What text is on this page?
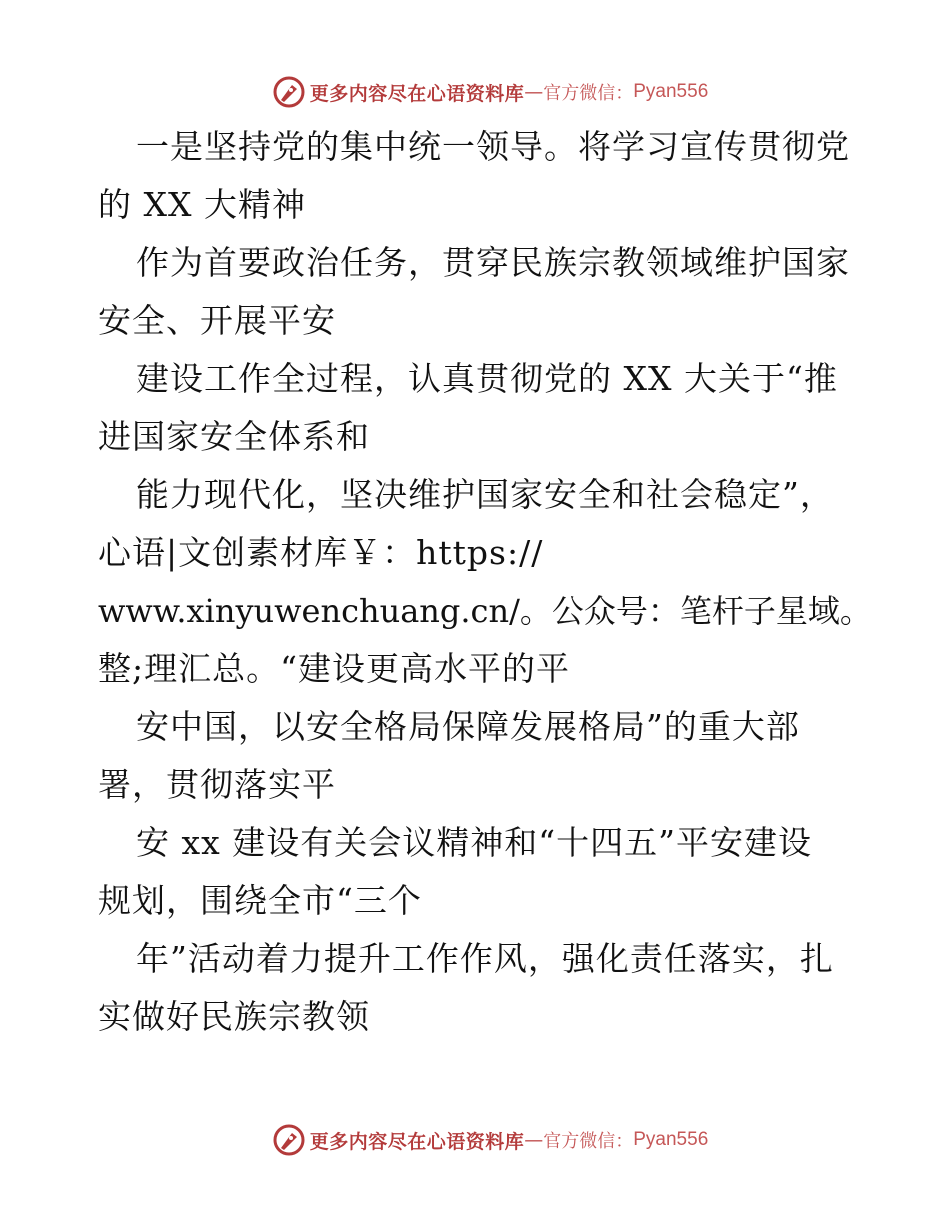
更多内容尽在心语资料库 — 官方微信： Pyan556
一是坚持党的集中统一领导。将学习宣传贯彻党
的 XX 大精神
作为首要政治任务，贯穿民族宗教领域维护国家
安全、开展平安
建设工作全过程，认真贯彻党的 XX 大关于“推
进国家安全体系和
能力现代化，坚决维护国家安全和社会稳定”，
心语|文创素材库￥：https://
www.xinyuwenchuang.cn/。公众号：笔杆子星域。
整;理汇总。“建设更高水平的平
安中国，以安全格局保障发展格局”的重大部
署，贯彻落实平
安 xx 建设有关会议精神和“十四五”平安建设
规划，围绕全市“三个
年”活动着力提升工作作风，强化责任落实，扎
实做好民族宗教领
更多内容尽在心语资料库 — 官方微信： Pyan556
